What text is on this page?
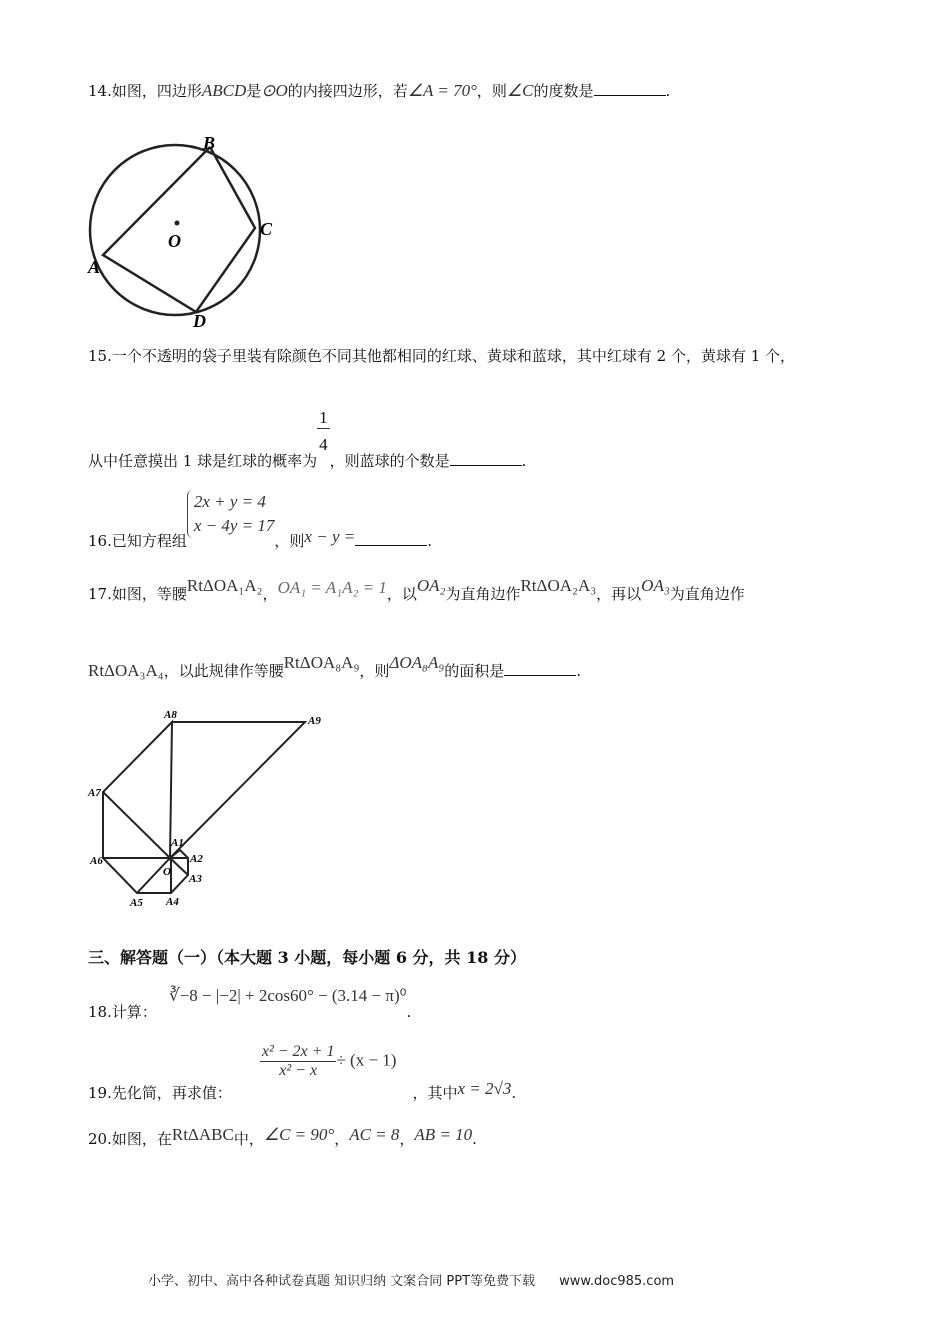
14.如图，四边形ABCD是⊙O的内接四边形，若∠A = 70°，则∠C的度数是	.
B
C
D
A
O
15.一个不透明的袋子里装有除颜色不同其他都相同的红球、黄球和蓝球，其中红球有 2 个，黄球有 1 个，
从中任意摸出 1 球是红球的概率为
$\frac{1}{4}$
，则蓝球的个数是	.
16.已知方程组
2x + y = 4
x − 4y = 17
，则x − y =	.
17.如图，等腰RtΔOA₁A₂，OA₁ = A₁A₂ = 1，以OA₂为直角边作RtΔOA₂A₃，再以OA₃为直角边作
RtΔOA₃A₄，以此规律作等腰RtΔOA₈A₉，则ΔOA₈A₉的面积是	.
A8	A9
A7
A6
A5 A4
A3
A2
A1
O
三、解答题（一）（本大题 3 小题，每小题 6 分，共 18 分）
18.计算：∛−8 − |−2| + 2cos60° − (3.14 − π)⁰.
19.先化简，再求值：
$\frac{\text{x² − 2x + 1}}{\text{x² − x}} \div (x - 1)$，其中x = 2√3.
20.如图，在RtΔABC中，∠C = 90°，AC = 8，AB = 10.
小学、初中、高中各种试卷真题 知识归纳 文案合同 PPT等免费下载 www.doc985.com
